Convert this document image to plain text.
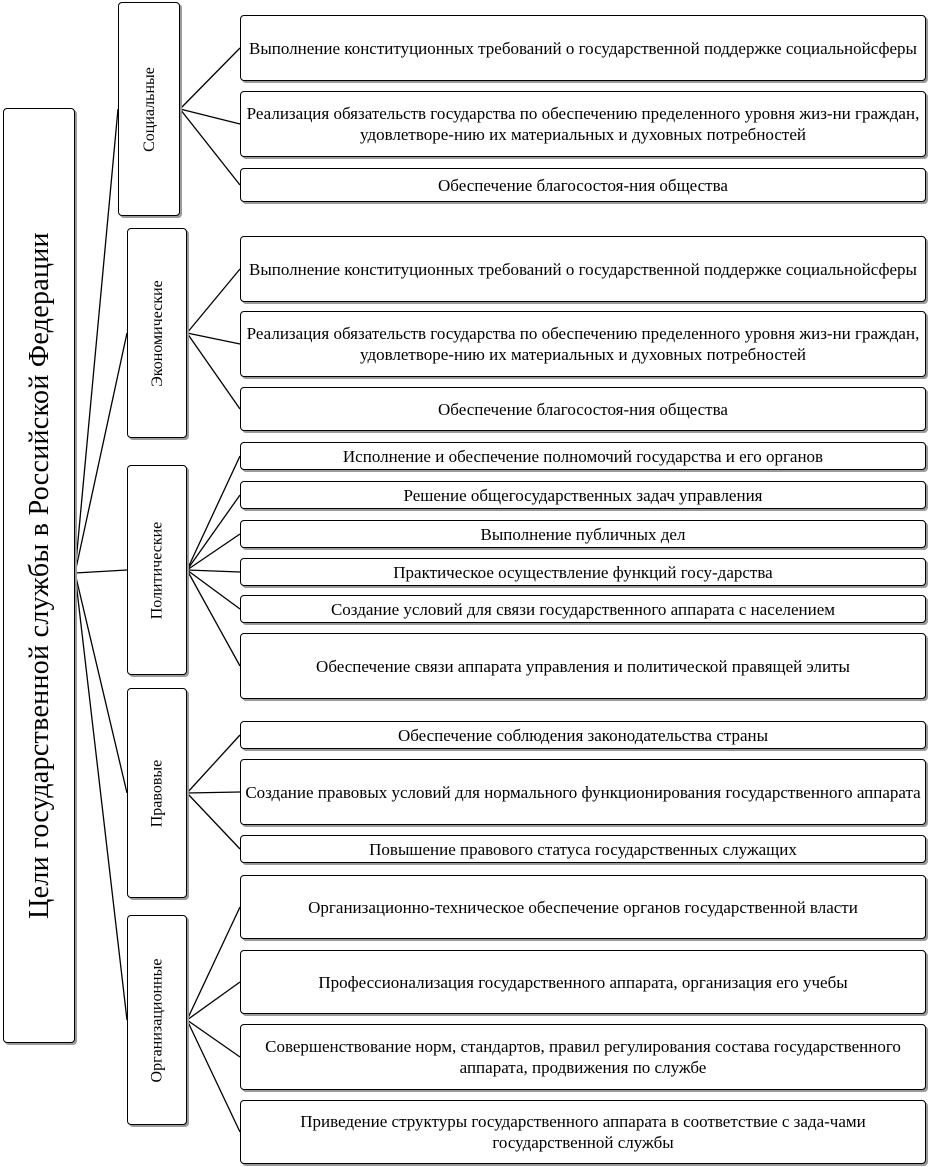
Цели государственной службы в Российской Федерации
Социальные
Выполнение конституционных требований о государственной поддержке социальнойсферы
Реализация обязательств государства по обеспечению пределенного уровня жиз-ни граждан, удовлетворе-нию их материальных и духовных потребностей
Обеспечение благосостоя-ния общества
Экономические
Выполнение конституционных требований о государственной поддержке социальнойсферы
Реализация обязательств государства по обеспечению пределенного уровня жиз-ни граждан, удовлетворе-нию их материальных и духовных потребностей
Обеспечение благосостоя-ния общества
Политические
Исполнение и обеспечение полномочий государства и его органов
Решение общегосударственных задач управления
Выполнение публичных дел
Практическое осуществление функций госу-дарства
Создание условий для связи государственного аппарата с населением
Обеспечение связи аппарата управления и политической правящей элиты
Правовые
Обеспечение соблюдения законодательства страны
Создание правовых условий для нормального функционирования государственного аппарата
Повышение правового статуса государственных служащих
Организационные
Организационно-техническое обеспечение органов государственной власти
Профессионализация государственного аппарата, организация его учебы
Совершенствование норм, стандартов, правил регулирования состава государственного аппарата, продвижения по службе
Приведение структуры государственного аппарата в соответствие с зада-чами государственной службы
